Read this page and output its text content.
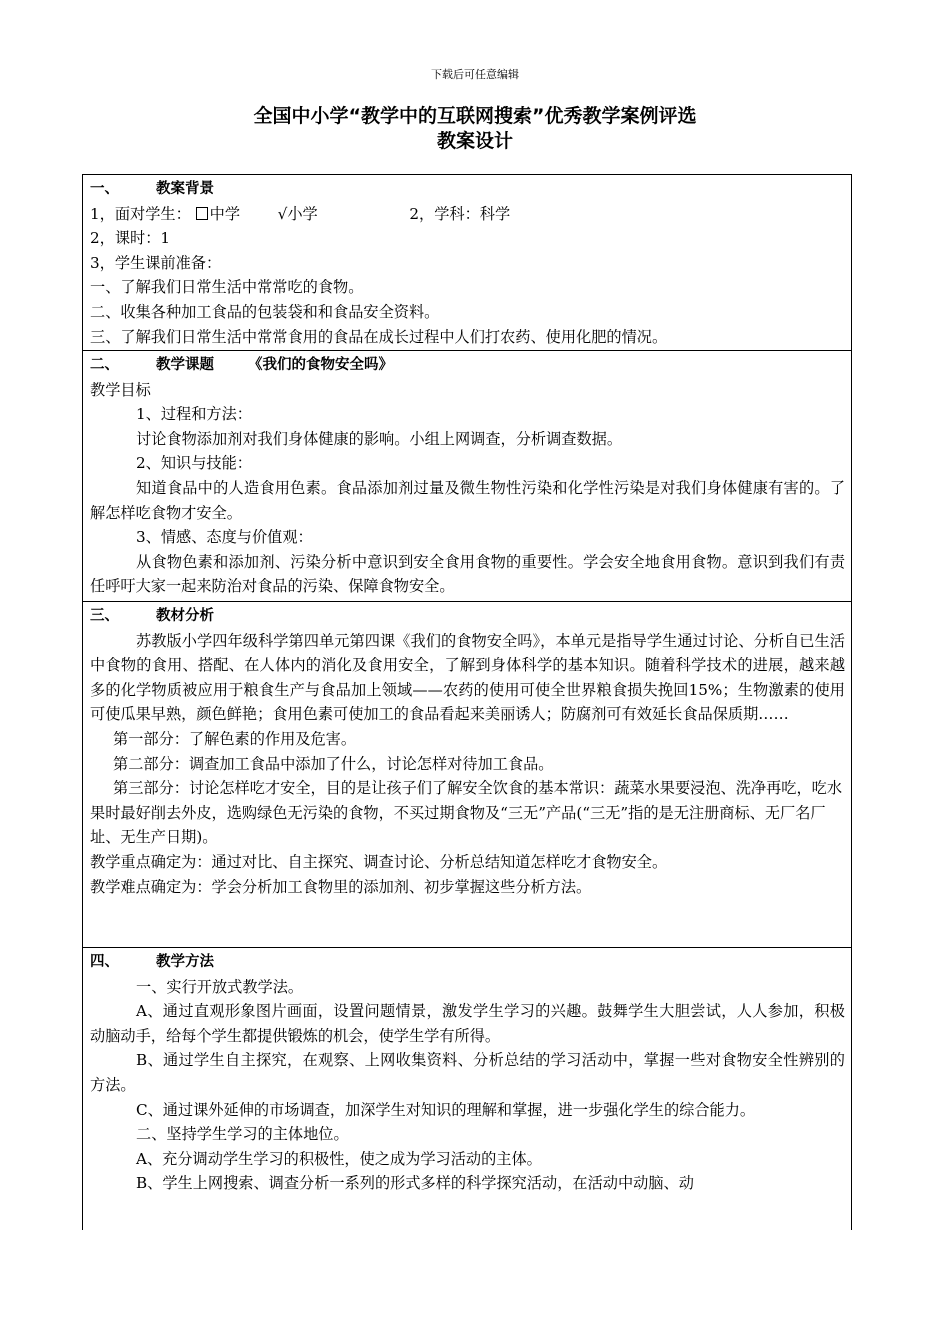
下载后可任意编辑
全国中小学“教学中的互联网搜索”优秀教学案例评选
教案设计
一、	教案背景
1，面对学生： 中学 √小学	2，学科：科学
2，课时：1
3，学生课前准备：
一、了解我们日常生活中常常吃的食物。
二、收集各种加工食品的包装袋和和食品安全资料。
三、了解我们日常生活中常常食用的食品在成长过程中人们打农药、使用化肥的情况。
二、	教学课题 《我们的食物安全吗》
教学目标
1、过程和方法：
讨论食物添加剂对我们身体健康的影响。小组上网调查，分析调查数据。
2、知识与技能：
知道食品中的人造食用色素。食品添加剂过量及微生物性污染和化学性污染是对我们身体健康有害的。了解怎样吃食物才安全。
3、情感、态度与价值观：
从食物色素和添加剂、污染分析中意识到安全食用食物的重要性。学会安全地食用食物。意识到我们有责任呼吁大家一起来防治对食品的污染、保障食物安全。
三、	教材分析
苏教版小学四年级科学第四单元第四课《我们的食物安全吗》，本单元是指导学生通过讨论、分析自已生活中食物的食用、搭配、在人体内的消化及食用安全，了解到身体科学的基本知识。随着科学技术的进展，越来越多的化学物质被应用于粮食生产与食品加上领域——农药的使用可使全世界粮食损失挽回15%；生物激素的使用可使瓜果早熟，颜色鲜艳；食用色素可使加工的食品看起来美丽诱人；防腐剂可有效延长食品保质期……
第一部分：了解色素的作用及危害。
第二部分：调查加工食品中添加了什么，讨论怎样对待加工食品。
第三部分：讨论怎样吃才安全，目的是让孩子们了解安全饮食的基本常识：蔬菜水果要浸泡、洗净再吃，吃水果时最好削去外皮，选购绿色无污染的食物，不买过期食物及“三无”产品(“三无”指的是无注册商标、无厂名厂址、无生产日期)。
教学重点确定为：通过对比、自主探究、调查讨论、分析总结知道怎样吃才食物安全。
教学难点确定为：学会分析加工食物里的添加剂、初步掌握这些分析方法。
四、	教学方法
一、实行开放式教学法。
A、通过直观形象图片画面，设置问题情景，激发学生学习的兴趣。鼓舞学生大胆尝试，人人参加，积极动脑动手，给每个学生都提供锻炼的机会，使学生学有所得。
B、通过学生自主探究，在观察、上网收集资料、分析总结的学习活动中，掌握一些对食物安全性辨别的方法。
C、通过课外延伸的市场调查，加深学生对知识的理解和掌握，进一步强化学生的综合能力。
二、坚持学生学习的主体地位。
A、充分调动学生学习的积极性，使之成为学习活动的主体。
B、学生上网搜索、调查分析一系列的形式多样的科学探究活动，在活动中动脑、动
